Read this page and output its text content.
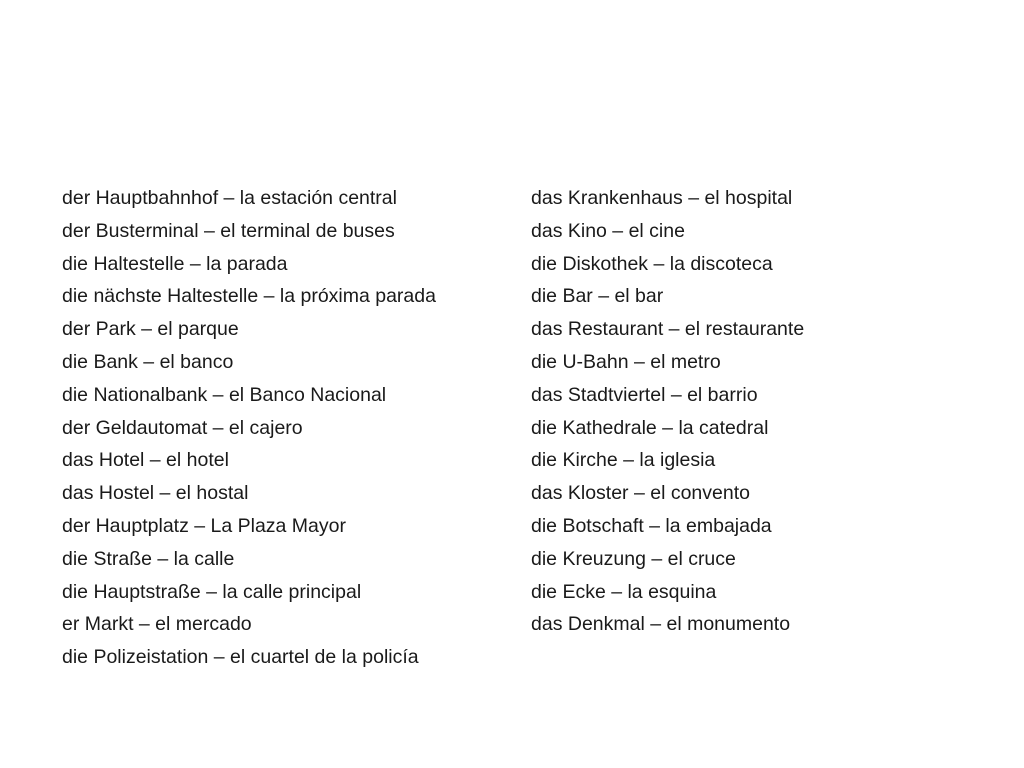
der Hauptbahnhof – la estación central
der Busterminal – el terminal de buses
die Haltestelle – la parada
die nächste Haltestelle – la próxima parada
der Park – el parque
die Bank – el banco
die Nationalbank – el Banco Nacional
der Geldautomat – el cajero
das Hotel – el hotel
das Hostel – el hostal
der Hauptplatz – La Plaza Mayor
die Straße – la calle
die Hauptstraße – la calle principal
er Markt – el mercado
die Polizeistation – el cuartel de la policía
das Krankenhaus – el hospital
das Kino – el cine
die Diskothek – la discoteca
die Bar – el bar
das Restaurant – el restaurante
die U-Bahn – el metro
das Stadtviertel – el barrio
die Kathedrale – la catedral
die Kirche – la iglesia
das Kloster – el convento
die Botschaft – la embajada
die Kreuzung – el cruce
die Ecke – la esquina
das Denkmal – el monumento
